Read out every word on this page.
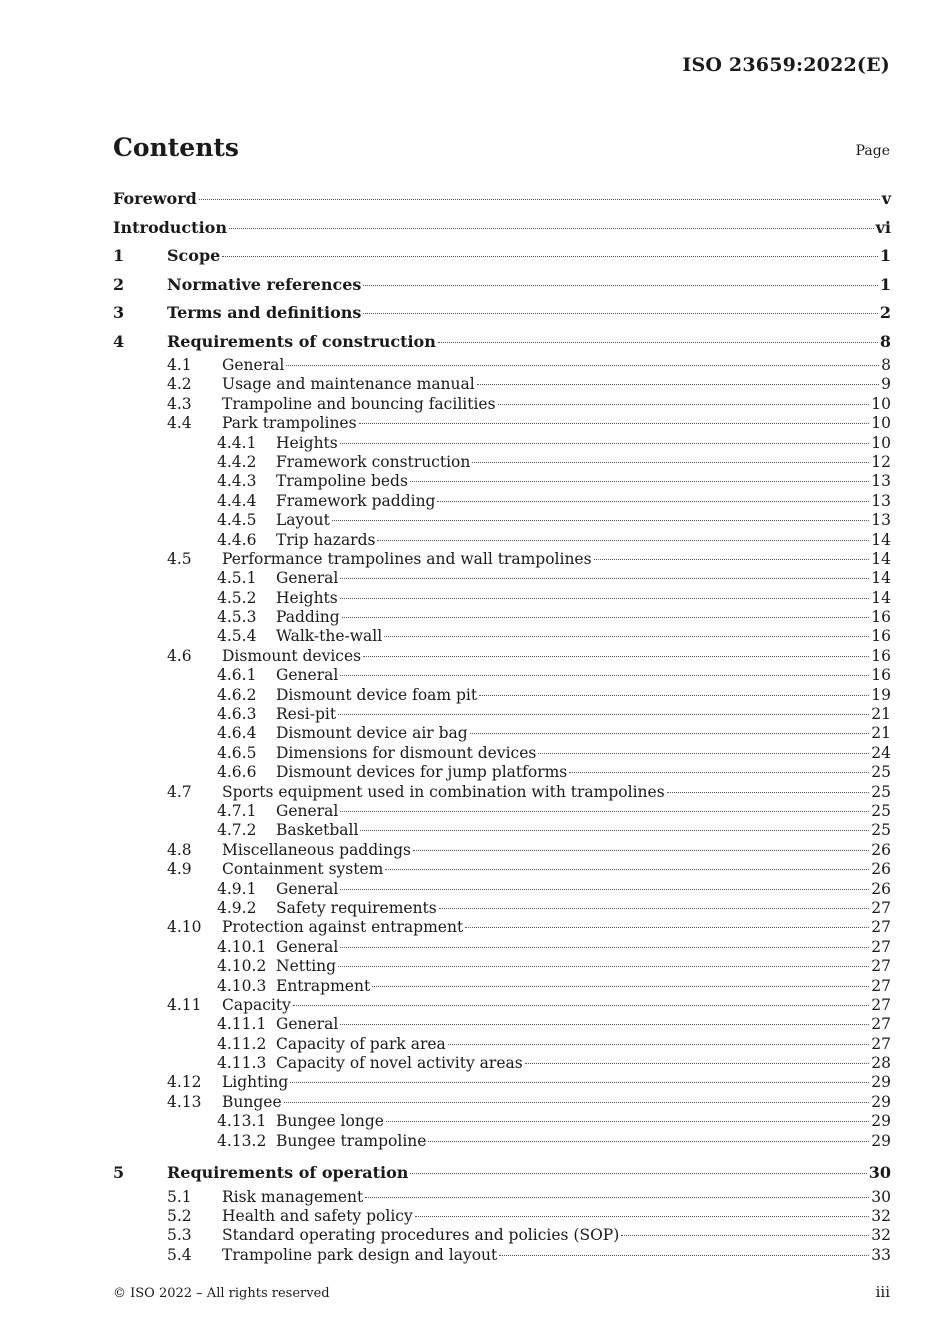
ISO 23659:2022(E)
Contents	Page
Foreword	v
Introduction	vi
1	Scope	1
2	Normative references	1
3	Terms and definitions	2
4	Requirements of construction	8
4.1	General	8
4.2	Usage and maintenance manual	9
4.3	Trampoline and bouncing facilities	10
4.4	Park trampolines	10
4.4.1	Heights	10
4.4.2	Framework construction	12
4.4.3	Trampoline beds	13
4.4.4	Framework padding	13
4.4.5	Layout	13
4.4.6	Trip hazards	14
4.5	Performance trampolines and wall trampolines	14
4.5.1	General	14
4.5.2	Heights	14
4.5.3	Padding	16
4.5.4	Walk-the-wall	16
4.6	Dismount devices	16
4.6.1	General	16
4.6.2	Dismount device foam pit	19
4.6.3	Resi-pit	21
4.6.4	Dismount device air bag	21
4.6.5	Dimensions for dismount devices	24
4.6.6	Dismount devices for jump platforms	25
4.7	Sports equipment used in combination with trampolines	25
4.7.1	General	25
4.7.2	Basketball	25
4.8	Miscellaneous paddings	26
4.9	Containment system	26
4.9.1	General	26
4.9.2	Safety requirements	27
4.10	Protection against entrapment	27
4.10.1 General	27
4.10.2 Netting	27
4.10.3 Entrapment	27
4.11	Capacity	27
4.11.1 General	27
4.11.2 Capacity of park area	27
4.11.3 Capacity of novel activity areas	28
4.12	Lighting	29
4.13	Bungee	29
4.13.1 Bungee longe	29
4.13.2 Bungee trampoline	29
5	Requirements of operation	30
5.1	Risk management	30
5.2	Health and safety policy	32
5.3	Standard operating procedures and policies (SOP)	32
5.4	Trampoline park design and layout	33
© ISO 2022 – All rights reserved	iii
